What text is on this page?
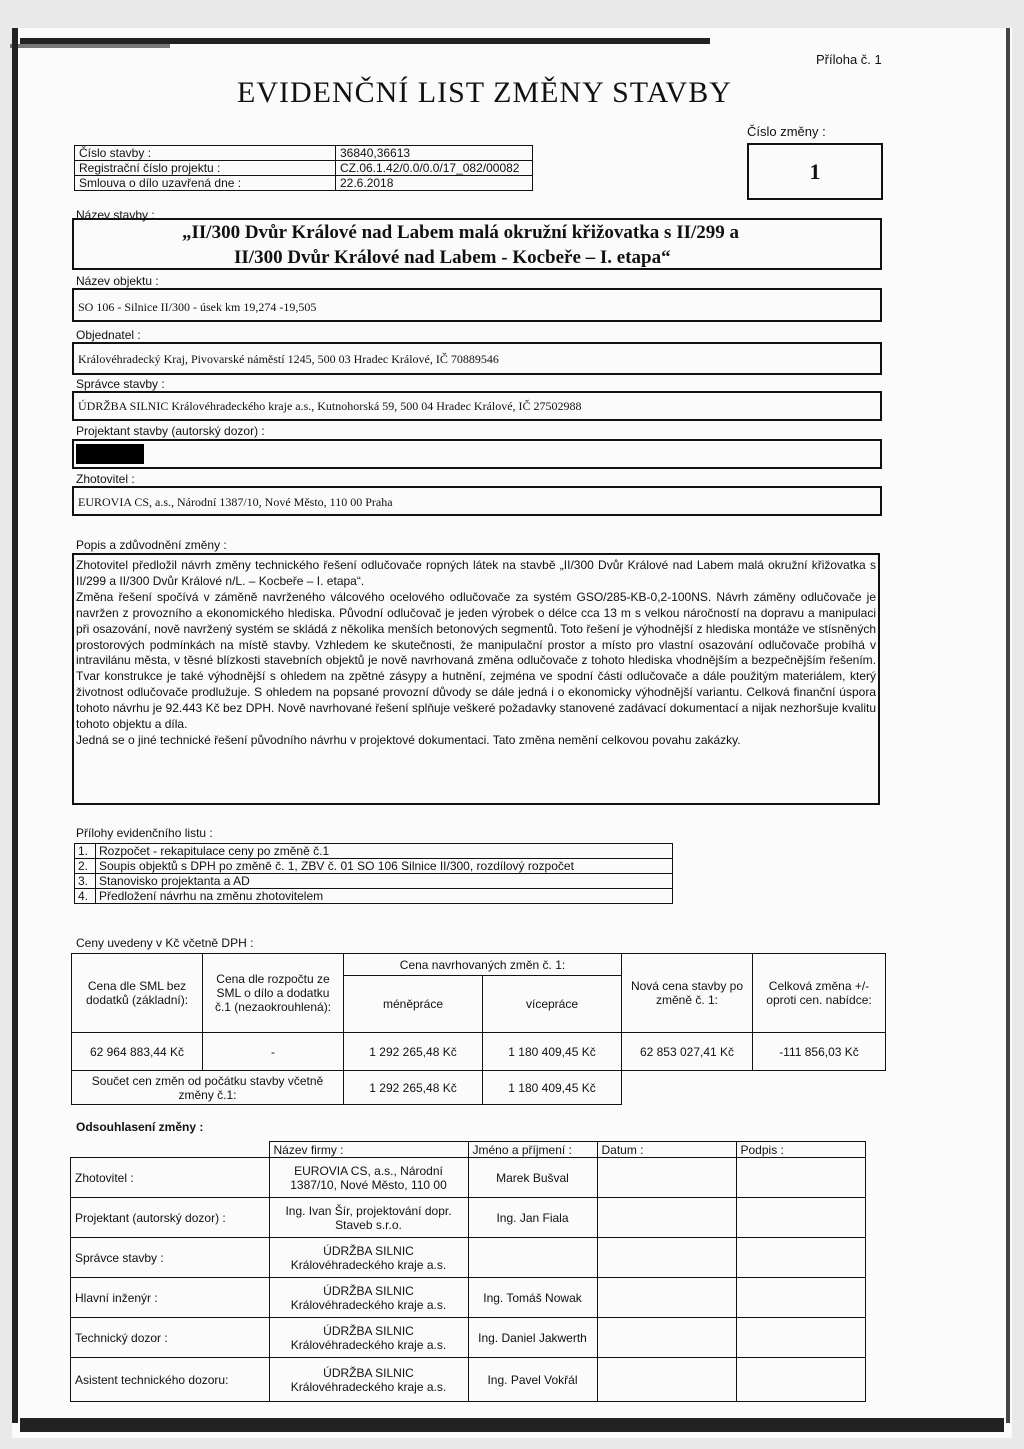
Příloha č. 1
EVIDENČNÍ LIST ZMĚNY STAVBY
Číslo změny :
1
Číslo stavby :	36840,36613
Registrační číslo projektu :	CZ.06.1.42/0.0/0.0/17_082/00082
Smlouva o dílo uzavřená dne :	22.6.2018
Název stavby :
„II/300 Dvůr Králové nad Labem malá okružní křižovatka s II/299 a
II/300 Dvůr Králové nad Labem - Kocbeře – I. etapa“
Název objektu :
SO 106 - Silnice II/300 - úsek km 19,274 -19,505
Objednatel :
Královéhradecký Kraj, Pivovarské náměstí 1245, 500 03 Hradec Králové, IČ 70889546
Správce stavby :
ÚDRŽBA SILNIC Královéhradeckého kraje a.s., Kutnohorská 59, 500 04 Hradec Králové, IČ 27502988
Projektant stavby (autorský dozor) :
Zhotovitel :
EUROVIA CS, a.s., Národní 1387/10, Nové Město, 110 00 Praha
Popis a zdůvodnění změny :

Zhotovitel předložil návrh změny technického řešení odlučovače ropných látek na stavbě „II/300 Dvůr Králové nad Labem malá okružní křižovatka s II/299 a II/300 Dvůr Králové n/L. – Kocbeře – I. etapa“.

Změna řešení spočívá v záměně navrženého válcového ocelového odlučovače za systém GSO/285-KB-0,2-100NS. Návrh záměny odlučovače je navržen z provozního a ekonomického hlediska. Původní odlučovač je jeden výrobek o délce cca 13 m s velkou náročností na dopravu a manipulaci při osazování, nově navržený systém se skládá z několika menších betonových segmentů. Toto řešení je výhodnější z hlediska montáže ve stísněných prostorových podmínkách na místě stavby. Vzhledem ke skutečnosti, že manipulační prostor a místo pro vlastní osazování odlučovače probíhá v intravilánu města, v těsné blízkosti stavebních objektů je nově navrhovaná změna odlučovače z tohoto hlediska vhodnějším a bezpečnějším řešením. Tvar konstrukce je také výhodnější s ohledem na zpětné zásypy a hutnění, zejména ve spodní části odlučovače a dále použitým materiálem, který životnost odlučovače prodlužuje. S ohledem na popsané provozní důvody se dále jedná i o ekonomicky výhodnější variantu. Celková finanční úspora tohoto návrhu je 92.443 Kč bez DPH. Nově navrhované řešení splňuje veškeré požadavky stanovené zadávací dokumentací a nijak nezhoršuje kvalitu tohoto objektu a díla.

Jedná se o jiné technické řešení původního návrhu v projektové dokumentaci. Tato změna nemění celkovou povahu zakázky.

Přílohy evidenčního listu :
1.	Rozpočet - rekapitulace ceny po změně č.1
2.	Soupis objektů s DPH po změně č. 1, ZBV č. 01 SO 106 Silnice II/300, rozdílový rozpočet
3.	Stanovisko projektanta a AD
4.	Předložení návrhu na změnu zhotovitelem
Ceny uvedeny v Kč včetně DPH :
Cena dle SML bez dodatků (základní):	Cena dle rozpočtu ze SML o dílo a dodatku č.1 (nezaokrouhlená):	Cena navrhovaných změn č. 1:		Nová cena stavby po změně č. 1:	Celková změna +/- oproti cen. nabídce:
		méněpráce	vícepráce		
62 964 883,44 Kč	-	1 292 265,48 Kč	1 180 409,45 Kč	62 853 027,41 Kč	-111 856,03 Kč
Součet cen změn od počátku stavby včetně změny č.1:		1 292 265,48 Kč	1 180 409,45 Kč		
Odsouhlasení změny :
	Název firmy :	Jméno a příjmení :	Datum :	Podpis :
Zhotovitel :	EUROVIA CS, a.s., Národní 1387/10, Nové Město, 110 00	Marek Bušval		
Projektant (autorský dozor) :	Ing. Ivan Šír, projektování dopr. Staveb s.r.o.	Ing. Jan Fiala		
Správce stavby :	ÚDRŽBA SILNIC Královéhradeckého kraje a.s.			
Hlavní inženýr :	ÚDRŽBA SILNIC Královéhradeckého kraje a.s.	Ing. Tomáš Nowak		
Technický dozor :	ÚDRŽBA SILNIC Královéhradeckého kraje a.s.	Ing. Daniel Jakwerth		
Asistent technického dozoru:	ÚDRŽBA SILNIC Královéhradeckého kraje a.s.	Ing. Pavel Vokřál		
